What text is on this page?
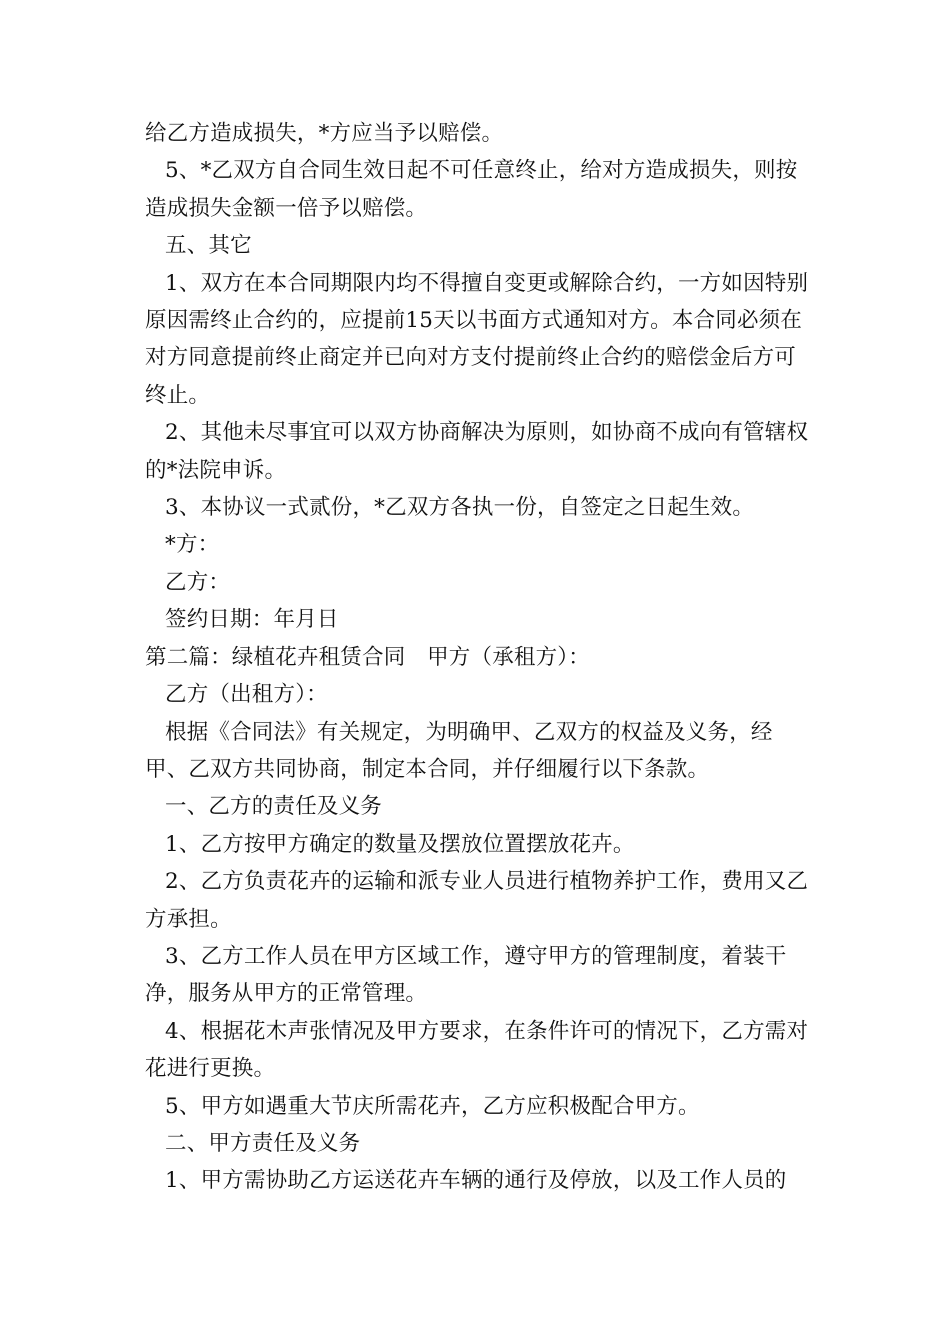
给乙方造成损失，*方应当予以赔偿。

5、*乙双方自合同生效日起不可任意终止，给对方造成损失，则按造成损失金额一倍予以赔偿。

五、其它

1、双方在本合同期限内均不得擅自变更或解除合约，一方如因特别原因需终止合约的，应提前15天以书面方式通知对方。本合同必须在对方同意提前终止商定并已向对方支付提前终止合约的赔偿金后方可终止。

2、其他未尽事宜可以双方协商解决为原则，如协商不成向有管辖权的*法院申诉。

3、本协议一式贰份，*乙双方各执一份，自签定之日起生效。

*方：

乙方：

签约日期：年月日

第二篇：绿植花卉租赁合同　甲方（承租方）：

乙方（出租方）：

根据《合同法》有关规定，为明确甲、乙双方的权益及义务，经甲、乙双方共同协商，制定本合同，并仔细履行以下条款。

一、乙方的责任及义务

1、乙方按甲方确定的数量及摆放位置摆放花卉。

2、乙方负责花卉的运输和派专业人员进行植物养护工作，费用又乙方承担。

3、乙方工作人员在甲方区域工作，遵守甲方的管理制度，着装干净，服务从甲方的正常管理。

4、根据花木声张情况及甲方要求，在条件许可的情况下，乙方需对花进行更换。

5、甲方如遇重大节庆所需花卉，乙方应积极配合甲方。

二、甲方责任及义务

1、甲方需协助乙方运送花卉车辆的通行及停放，以及工作人员的
